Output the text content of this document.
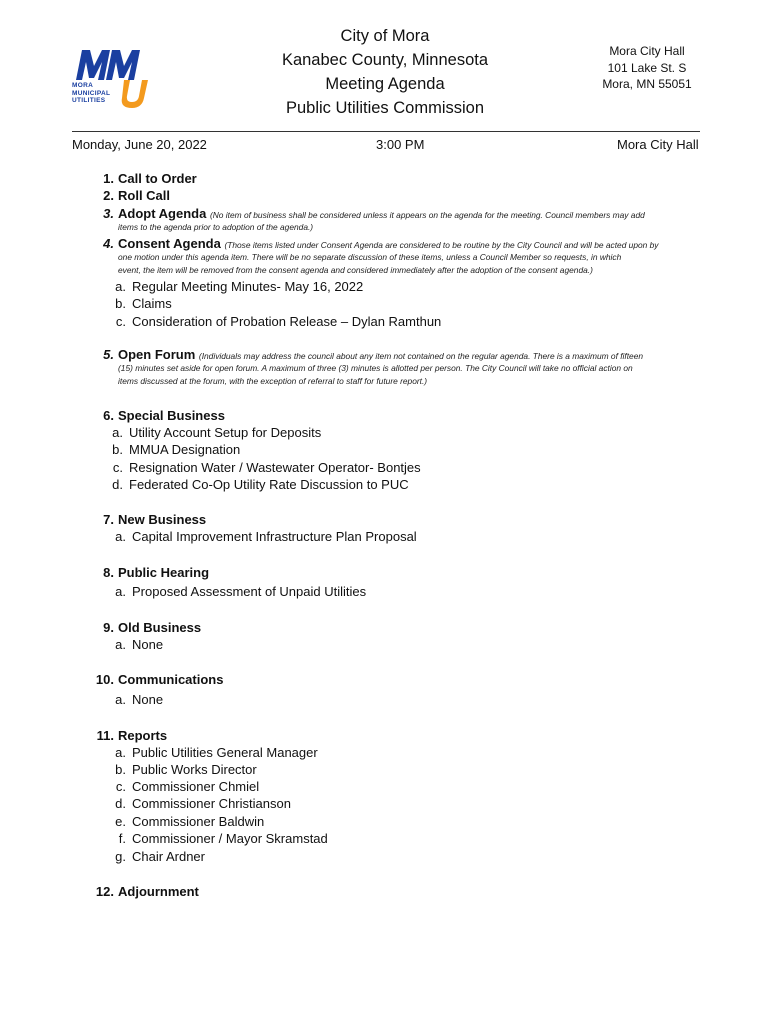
MORA
MUNICIPAL
UTILITIES
City of Mora
Kanabec County, Minnesota
Meeting Agenda
Public Utilities Commission
Mora City Hall
101 Lake St. S
Mora, MN 55051
Monday, June 20, 2022	3:00 PM	Mora City Hall
1. Call to Order
2. Roll Call
3. Adopt Agenda (No item of business shall be considered unless it appears on the agenda for the meeting. Council members may add
items to the agenda prior to adoption of the agenda.)
4. Consent Agenda (Those items listed under Consent Agenda are considered to be routine by the City Council and will be acted upon by
one motion under this agenda item. There will be no separate discussion of these items, unless a Council Member so requests, in which
event, the item will be removed from the consent agenda and considered immediately after the adoption of the consent agenda.)
a. Regular Meeting Minutes- May 16, 2022
b. Claims
c. Consideration of Probation Release – Dylan Ramthun
5. Open Forum (Individuals may address the council about any item not contained on the regular agenda. There is a maximum of fifteen
(15) minutes set aside for open forum. A maximum of three (3) minutes is allotted per person. The City Council will take no official action on
items discussed at the forum, with the exception of referral to staff for future report.)
6. Special Business
a. Utility Account Setup for Deposits
b. MMUA Designation
c. Resignation Water / Wastewater Operator- Bontjes
d. Federated Co-Op Utility Rate Discussion to PUC
7. New Business
a. Capital Improvement Infrastructure Plan Proposal
8. Public Hearing
a. Proposed Assessment of Unpaid Utilities
9. Old Business
a. None
10. Communications
a. None
11. Reports
a. Public Utilities General Manager
b. Public Works Director
c. Commissioner Chmiel
d. Commissioner Christianson
e. Commissioner Baldwin
f. Commissioner / Mayor Skramstad
g. Chair Ardner
12. Adjournment
